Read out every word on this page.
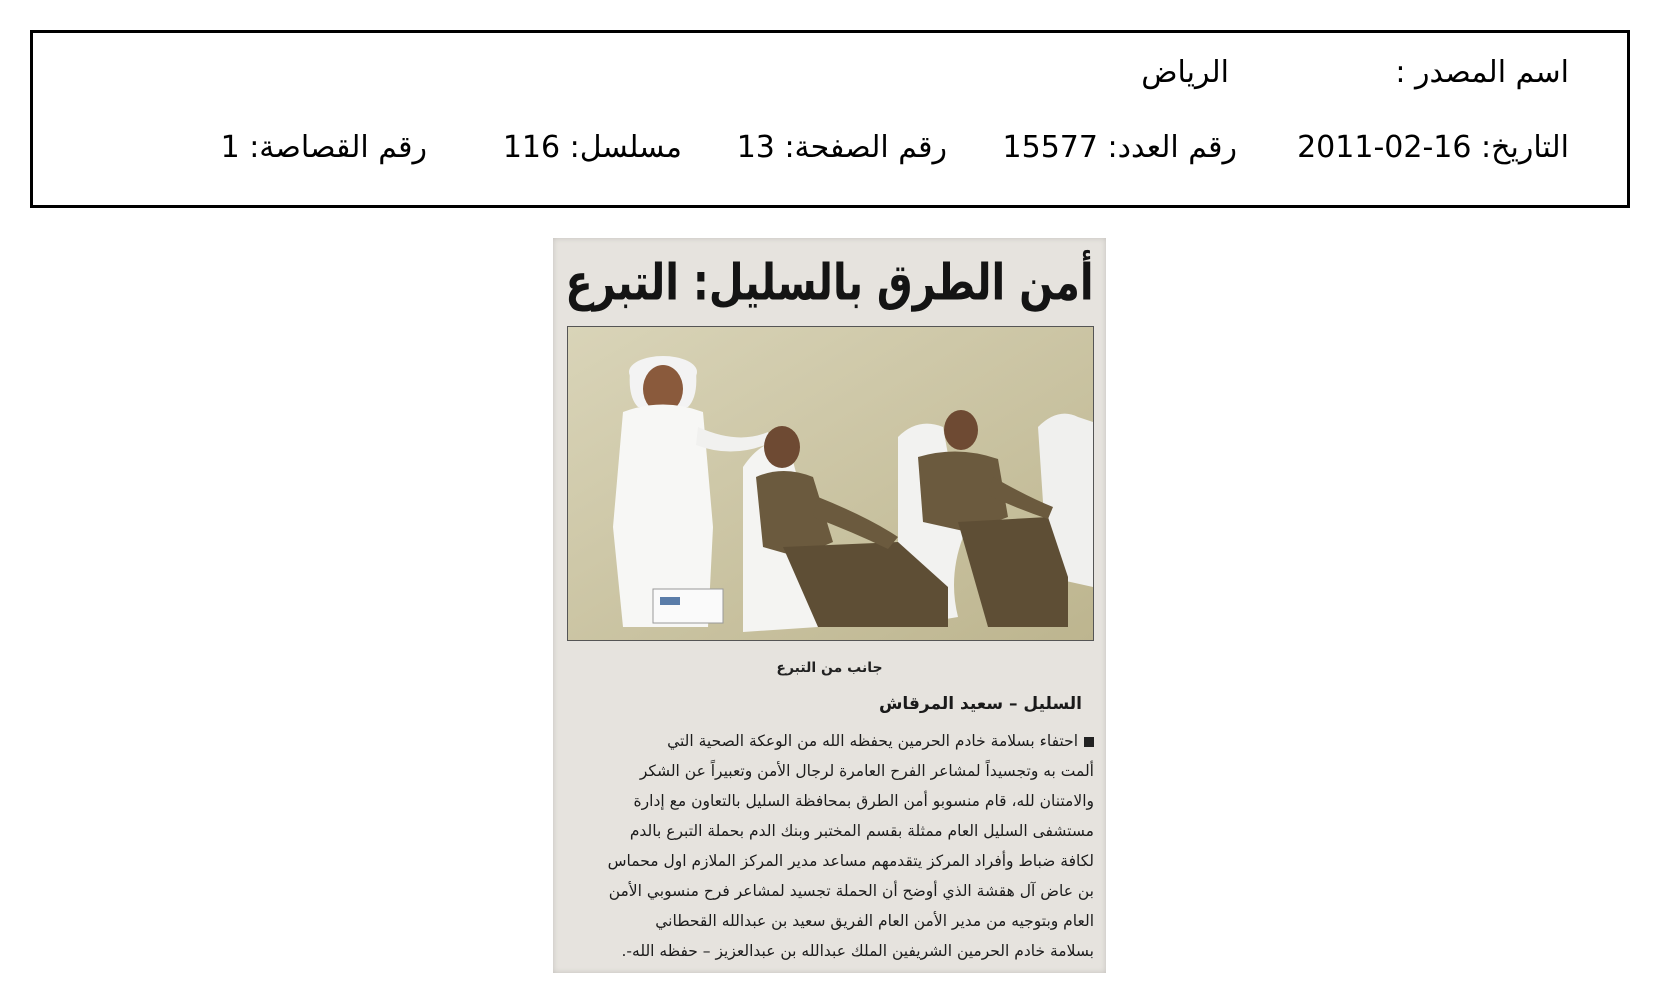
اسم المصدر :
الرياض
التاريخ: 16-02-2011
رقم العدد: 15577
رقم الصفحة: 13
مسلسل: 116
رقم القصاصة: 1
أمن الطرق بالسليل: التبرع
جانب من التبرع
السليل – سعيد المرقاش
احتفاء بسلامة خادم الحرمين يحفظه الله من الوعكة الصحية التي
ألمت به وتجسيداً لمشاعر الفرح العامرة لرجال الأمن وتعبيراً عن الشكر
والامتنان لله، قام منسوبو أمن الطرق بمحافظة السليل بالتعاون مع إدارة
مستشفى السليل العام ممثلة بقسم المختبر وبنك الدم بحملة التبرع بالدم
لكافة ضباط وأفراد المركز يتقدمهم مساعد مدير المركز الملازم اول محماس
بن عاض آل هقشة الذي أوضح أن الحملة تجسيد لمشاعر فرح منسوبي الأمن
العام وبتوجيه من مدير الأمن العام الفريق سعيد بن عبدالله القحطاني
بسلامة خادم الحرمين الشريفين الملك عبدالله بن عبدالعزيز – حفظه الله-.
